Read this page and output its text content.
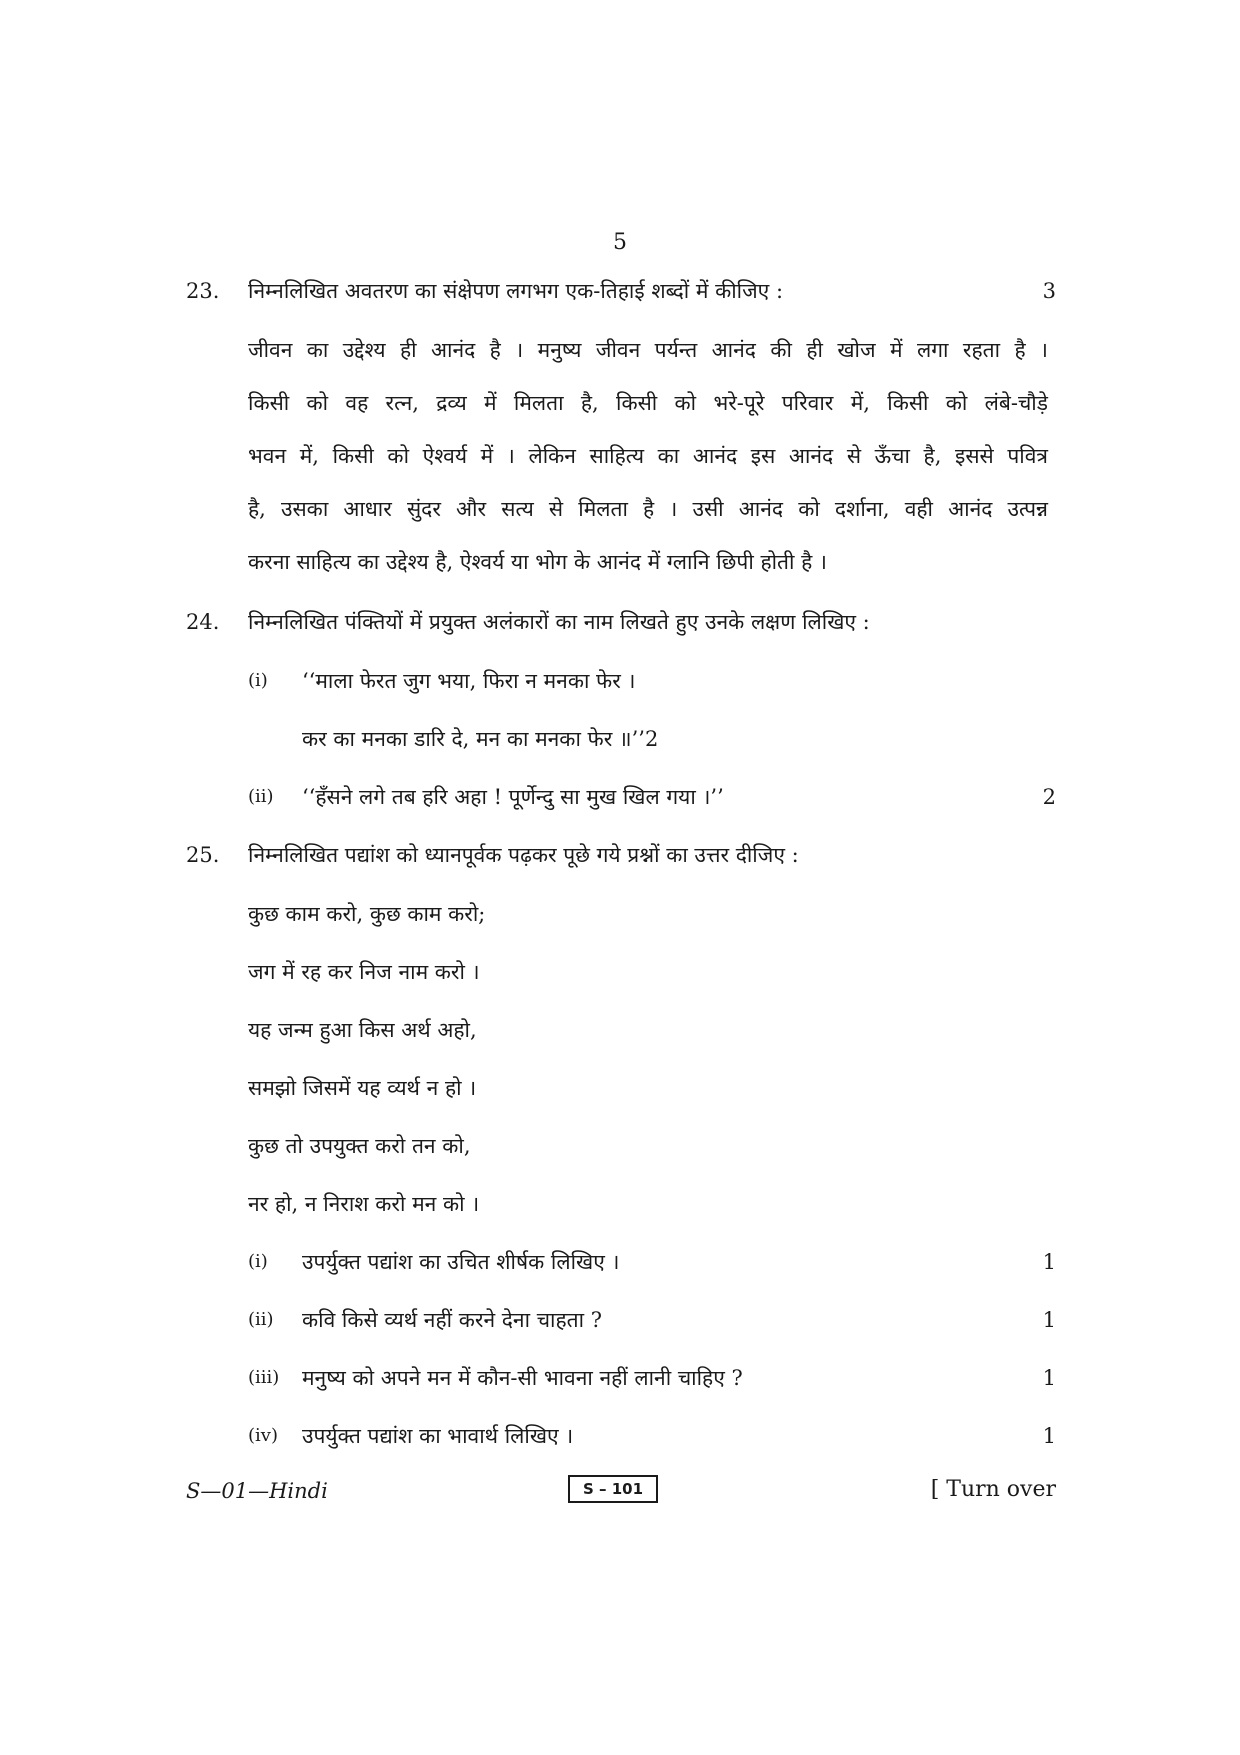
5
23.	निम्नलिखित अवतरण का संक्षेपण लगभग एक-तिहाई शब्दों में कीजिए :	3
जीवन का उद्देश्य ही आनंद है । मनुष्य जीवन पर्यन्त आनंद की ही खोज में लगा रहता है ।
किसी को वह रत्न, द्रव्य में मिलता है, किसी को भरे-पूरे परिवार में, किसी को लंबे-चौड़े
भवन में, किसी को ऐश्वर्य में । लेकिन साहित्य का आनंद इस आनंद से ऊँचा है, इससे पवित्र
है, उसका आधार सुंदर और सत्य से मिलता है । उसी आनंद को दर्शाना, वही आनंद उत्पन्न
करना साहित्य का उद्देश्य है, ऐश्वर्य या भोग के आनंद में ग्लानि छिपी होती है ।
24.	निम्नलिखित पंक्तियों में प्रयुक्त अलंकारों का नाम लिखते हुए उनके लक्षण लिखिए :
(i) ‘‘माला फेरत जुग भया, फिरा न मनका फेर ।
कर का मनका डारि दे, मन का मनका फेर ॥’’2
(ii) ‘‘हँसने लगे तब हरि अहा ! पूर्णेन्दु सा मुख खिल गया ।’’	2
25.	निम्नलिखित पद्यांश को ध्यानपूर्वक पढ़कर पूछे गये प्रश्नों का उत्तर दीजिए :
कुछ काम करो, कुछ काम करो;
जग में रह कर निज नाम करो ।
यह जन्म हुआ किस अर्थ अहो,
समझो जिसमें यह व्यर्थ न हो ।
कुछ तो उपयुक्त करो तन को,
नर हो, न निराश करो मन को ।
(i) उपर्युक्त पद्यांश का उचित शीर्षक लिखिए ।	1
(ii) कवि किसे व्यर्थ नहीं करने देना चाहता ?	1
(iii) मनुष्य को अपने मन में कौन-सी भावना नहीं लानी चाहिए ?	1
(iv) उपर्युक्त पद्यांश का भावार्थ लिखिए ।	1
S—01—Hindi	S – 101	[ Turn over
